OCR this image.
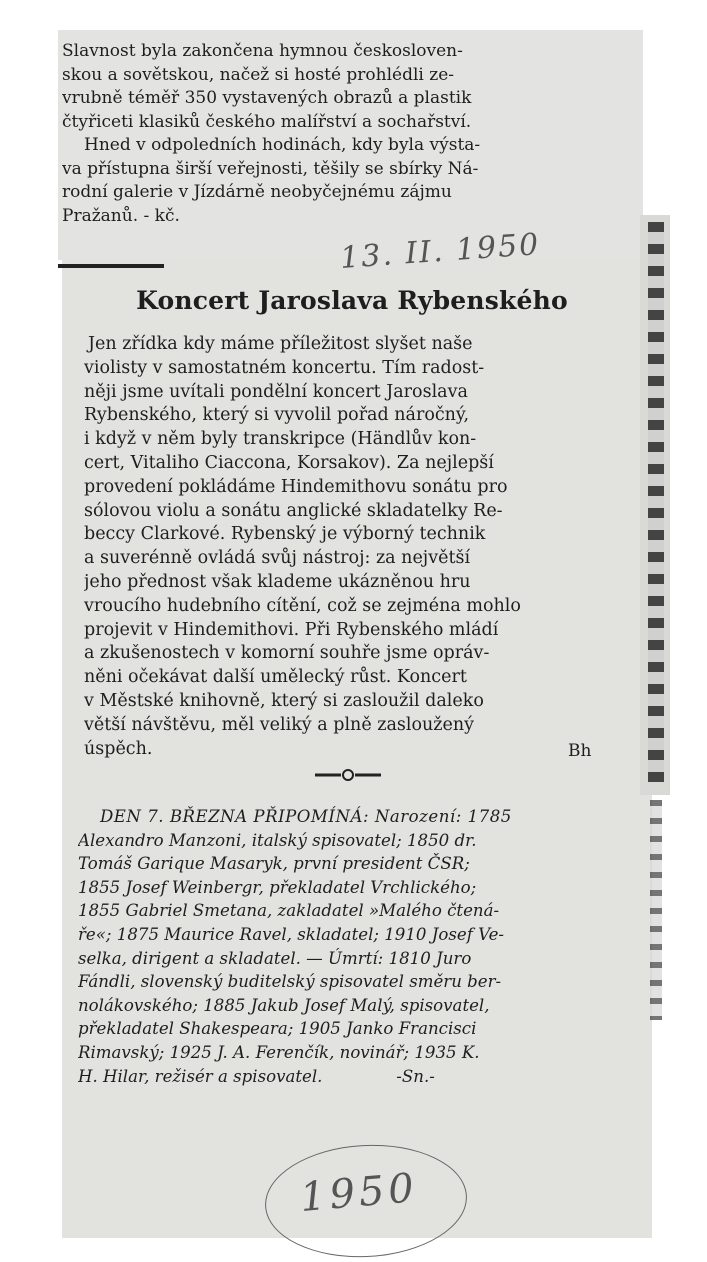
Slavnost byla zakončena hymnou českosloven-
skou a sovětskou, načež si hosté prohlédli ze-
vrubně téměř 350 vystavených obrazů a plastik
čtyřiceti klasiků českého malířství a sochařství.
Hned v odpoledních hodinách, kdy byla výsta-
va přístupna širší veřejnosti, těšily se sbírky Ná-
rodní galerie v Jízdárně neobyčejnému zájmu
Pražanů. - kč.
13. II. 1950
Koncert Jaroslava Rybenského
Jen zřídka kdy máme příležitost slyšet naše
violisty v samostatném koncertu. Tím radost-
něji jsme uvítali pondělní koncert Jaroslava
Rybenského, který si vyvolil pořad náročný,
i když v něm byly transkripce (Händlův kon-
cert, Vitaliho Ciaccona, Korsakov). Za nejlepší
provedení pokládáme Hindemithovu sonátu pro
sólovou violu a sonátu anglické skladatelky Re-
beccy Clarkové. Rybenský je výborný technik
a suverénně ovládá svůj nástroj: za největší
jeho přednost však klademe ukázněnou hru
vroucího hudebního cítění, což se zejména mohlo
projevit v Hindemithovi. Při Rybenského mládí
a zkušenostech v komorní souhře jsme opráv-
něni očekávat další umělecký růst. Koncert
v Městské knihovně, který si zasloužil daleko
větší návštěvu, měl veliký a plně zasloužený
úspěch.	Bh
DEN 7. BŘEZNA PŘIPOMÍNÁ: Narození: 1785
Alexandro Manzoni, italský spisovatel; 1850 dr.
Tomáš Garique Masaryk, první president ČSR;
1855 Josef Weinbergr, překladatel Vrchlického;
1855 Gabriel Smetana, zakladatel »Malého čtená-
ře«; 1875 Maurice Ravel, skladatel; 1910 Josef Ve-
selka, dirigent a skladatel. — Úmrtí: 1810 Juro
Fándli, slovenský buditelský spisovatel směru ber-
nolákovského; 1885 Jakub Josef Malý, spisovatel,
překladatel Shakespeara; 1905 Janko Francisci
Rimavský; 1925 J. A. Ferenčík, novinář; 1935 K.
H. Hilar, režisér a spisovatel.              -Sn.-
1950
